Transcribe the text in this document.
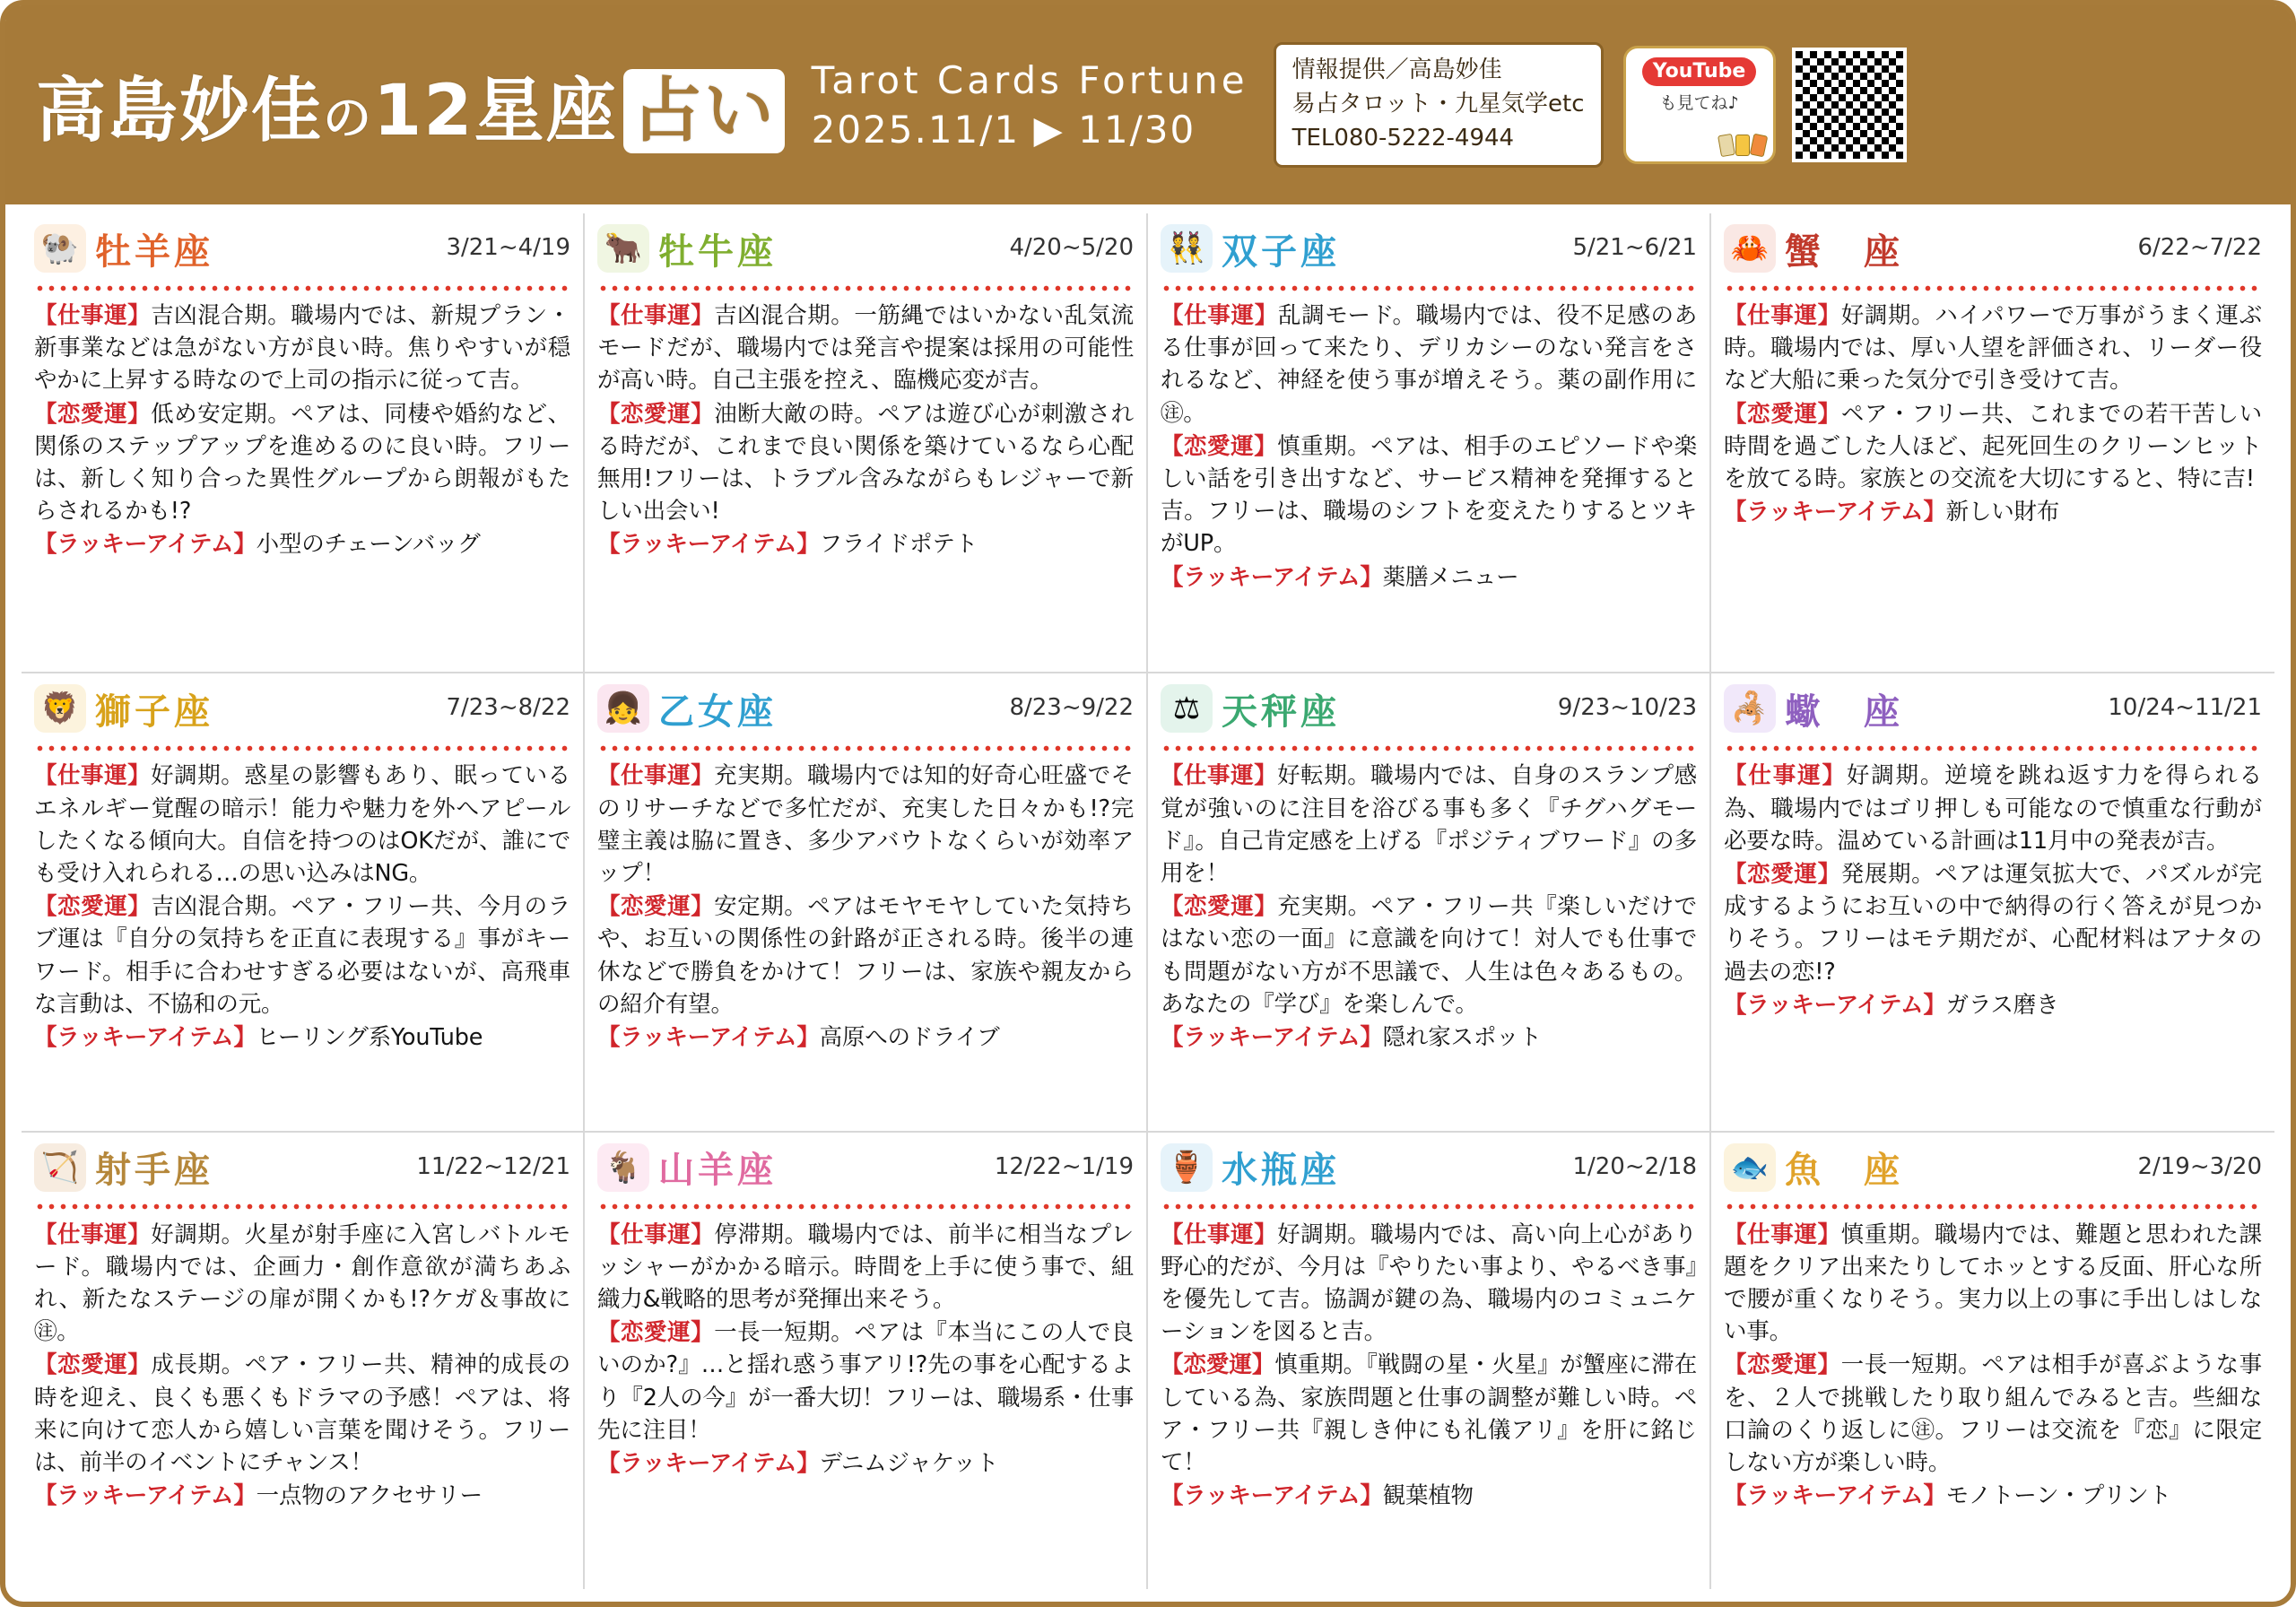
高島妙佳の12星座 占い Tarot Cards Fortune
2025.11/1 ▶ 11/30
情報提供／高島妙佳
易占タロット・九星気学etc
TEL080-5222-4944
YouTube
も見てね♪
🐏 牡羊座	3/21~4/19
【仕事運】吉凶混合期。職場内では、新規プラン・新事業などは急がない方が良い時。焦りやすいが穏やかに上昇する時なので上司の指示に従って吉。
【恋愛運】低め安定期。ペアは、同棲や婚約など、関係のステップアップを進めるのに良い時。フリーは、新しく知り合った異性グループから朗報がもたらされるかも!?
【ラッキーアイテム】小型のチェーンバッグ
🐂 牡牛座	4/20~5/20
【仕事運】吉凶混合期。一筋縄ではいかない乱気流モードだが、職場内では発言や提案は採用の可能性が高い時。自己主張を控え、臨機応変が吉。
【恋愛運】油断大敵の時。ペアは遊び心が刺激される時だが、これまで良い関係を築けているなら心配無用!フリーは、トラブル含みながらもレジャーで新しい出会い!
【ラッキーアイテム】フライドポテト
👯 双子座	5/21~6/21
【仕事運】乱調モード。職場内では、役不足感のある仕事が回って来たり、デリカシーのない発言をされるなど、神経を使う事が増えそう。薬の副作用に㊟。
【恋愛運】慎重期。ペアは、相手のエピソードや楽しい話を引き出すなど、サービス精神を発揮すると吉。フリーは、職場のシフトを変えたりするとツキがUP。
【ラッキーアイテム】薬膳メニュー
🦀 蟹　座	6/22~7/22
【仕事運】好調期。ハイパワーで万事がうまく運ぶ時。職場内では、厚い人望を評価され、リーダー役など大船に乗った気分で引き受けて吉。
【恋愛運】ペア・フリー共、これまでの若干苦しい時間を過ごした人ほど、起死回生のクリーンヒットを放てる時。家族との交流を大切にすると、特に吉!
【ラッキーアイテム】新しい財布
🦁 獅子座	7/23~8/22
【仕事運】好調期。惑星の影響もあり、眠っているエネルギー覚醒の暗示！能力や魅力を外へアピールしたくなる傾向大。自信を持つのはOKだが、誰にでも受け入れられる…の思い込みはNG。
【恋愛運】吉凶混合期。ペア・フリー共、今月のラブ運は『自分の気持ちを正直に表現する』事がキーワード。相手に合わせすぎる必要はないが、高飛車な言動は、不協和の元。
【ラッキーアイテム】ヒーリング系YouTube
👧 乙女座	8/23~9/22
【仕事運】充実期。職場内では知的好奇心旺盛でそのリサーチなどで多忙だが、充実した日々かも!?完璧主義は脇に置き、多少アバウトなくらいが効率アップ！
【恋愛運】安定期。ペアはモヤモヤしていた気持ちや、お互いの関係性の針路が正される時。後半の連休などで勝負をかけて！フリーは、家族や親友からの紹介有望。
【ラッキーアイテム】高原へのドライブ
⚖ 天秤座	9/23~10/23
【仕事運】好転期。職場内では、自身のスランプ感覚が強いのに注目を浴びる事も多く『チグハグモード』。自己肯定感を上げる『ポジティブワード』の多用を！
【恋愛運】充実期。ペア・フリー共『楽しいだけではない恋の一面』に意識を向けて！対人でも仕事でも問題がない方が不思議で、人生は色々あるもの。あなたの『学び』を楽しんで。
【ラッキーアイテム】隠れ家スポット
🦂 蠍　座	10/24~11/21
【仕事運】好調期。逆境を跳ね返す力を得られる為、職場内ではゴリ押しも可能なので慎重な行動が必要な時。温めている計画は11月中の発表が吉。
【恋愛運】発展期。ペアは運気拡大で、パズルが完成するようにお互いの中で納得の行く答えが見つかりそう。フリーはモテ期だが、心配材料はアナタの過去の恋!?
【ラッキーアイテム】ガラス磨き
🏹 射手座	11/22~12/21
【仕事運】好調期。火星が射手座に入宮しバトルモード。職場内では、企画力・創作意欲が満ちあふれ、新たなステージの扉が開くかも!?ケガ＆事故に㊟。
【恋愛運】成長期。ペア・フリー共、精神的成長の時を迎え、良くも悪くもドラマの予感！ペアは、将来に向けて恋人から嬉しい言葉を聞けそう。フリーは、前半のイベントにチャンス！
【ラッキーアイテム】一点物のアクセサリー
🐐 山羊座	12/22~1/19
【仕事運】停滞期。職場内では、前半に相当なプレッシャーがかかる暗示。時間を上手に使う事で、組織力&戦略的思考が発揮出来そう。
【恋愛運】一長一短期。ペアは『本当にこの人で良いのか?』…と揺れ惑う事アリ!?先の事を心配するより『2人の今』が一番大切！フリーは、職場系・仕事先に注目！
【ラッキーアイテム】デニムジャケット
🏺 水瓶座	1/20~2/18
【仕事運】好調期。職場内では、高い向上心があり野心的だが、今月は『やりたい事より、やるべき事』を優先して吉。協調が鍵の為、職場内のコミュニケーションを図ると吉。
【恋愛運】慎重期。『戦闘の星・火星』が蟹座に滞在している為、家族問題と仕事の調整が難しい時。ペア・フリー共『親しき仲にも礼儀アリ』を肝に銘じて！
【ラッキーアイテム】観葉植物
🐟 魚　座	2/19~3/20
【仕事運】慎重期。職場内では、難題と思われた課題をクリア出来たりしてホッとする反面、肝心な所で腰が重くなりそう。実力以上の事に手出しはしない事。
【恋愛運】一長一短期。ペアは相手が喜ぶような事を、２人で挑戦したり取り組んでみると吉。些細な口論のくり返しに㊟。フリーは交流を『恋』に限定しない方が楽しい時。
【ラッキーアイテム】モノトーン・プリント
